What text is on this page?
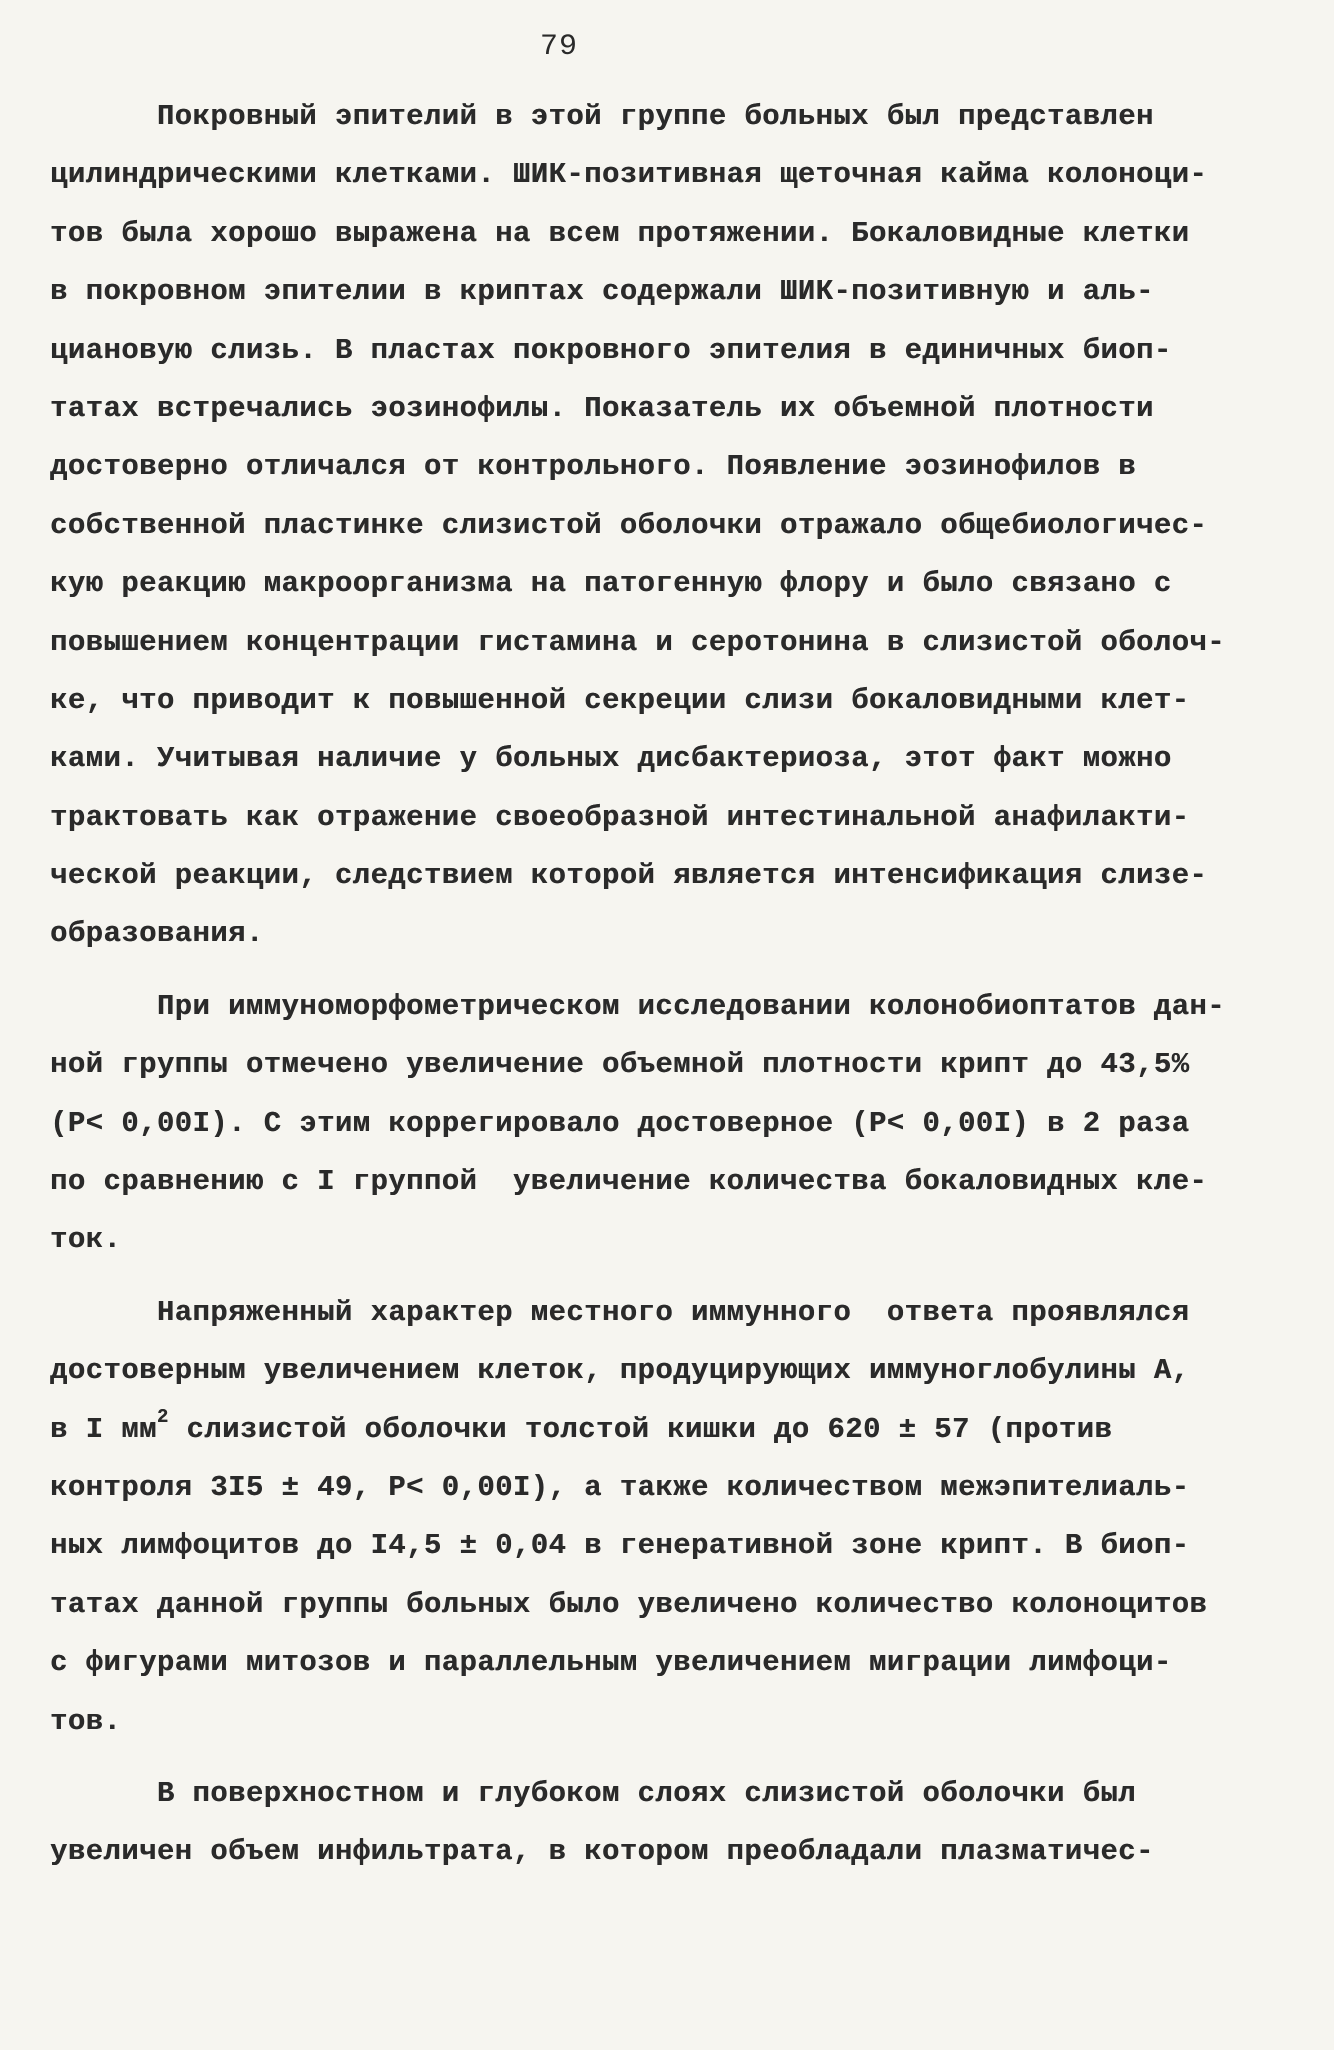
79
Покровный эпителий в этой группе больных был представлен
цилиндрическими клетками. ШИК-позитивная щеточная кайма колоноци-
тов была хорошо выражена на всем протяжении. Бокаловидные клетки
в покровном эпителии в криптах содержали ШИК-позитивную и аль-
циановую слизь. В пластах покровного эпителия в единичных биоп-
татах встречались эозинофилы. Показатель их объемной плотности
достоверно отличался от контрольного. Появление эозинофилов в
собственной пластинке слизистой оболочки отражало общебиологичес-
кую реакцию макроорганизма на патогенную флору и было связано с
повышением концентрации гистамина и серотонина в слизистой оболоч-
ке, что приводит к повышенной секреции слизи бокаловидными клет-
ками. Учитывая наличие у больных дисбактериоза, этот факт можно
трактовать как отражение своеобразной интестинальной анафилакти-
ческой реакции, следствием которой является интенсификация слизе-
образования.
При иммуноморфометрическом исследовании колонобиоптатов дан-
ной группы отмечено увеличение объемной плотности крипт до 43,5%
(Р< 0,00I). С этим коррегировало достоверное (Р< 0,00I) в 2 раза
по сравнению с I группой  увеличение количества бокаловидных кле-
ток.
Напряженный характер местного иммунного  ответа проявлялся
достоверным увеличением клеток, продуцирующих иммуноглобулины А,
в I $мм^2$ слизистой оболочки толстой кишки до 620 ± 57 (против
контроля 3I5 ± 49, Р< 0,00I), а также количеством межэпителиаль-
ных лимфоцитов до I4,5 ± 0,04 в генеративной зоне крипт. В биоп-
татах данной группы больных было увеличено количество колоноцитов
с фигурами митозов и параллельным увеличением миграции лимфоци-
тов.
В поверхностном и глубоком слоях слизистой оболочки был
увеличен объем инфильтрата, в котором преобладали плазматичес-
